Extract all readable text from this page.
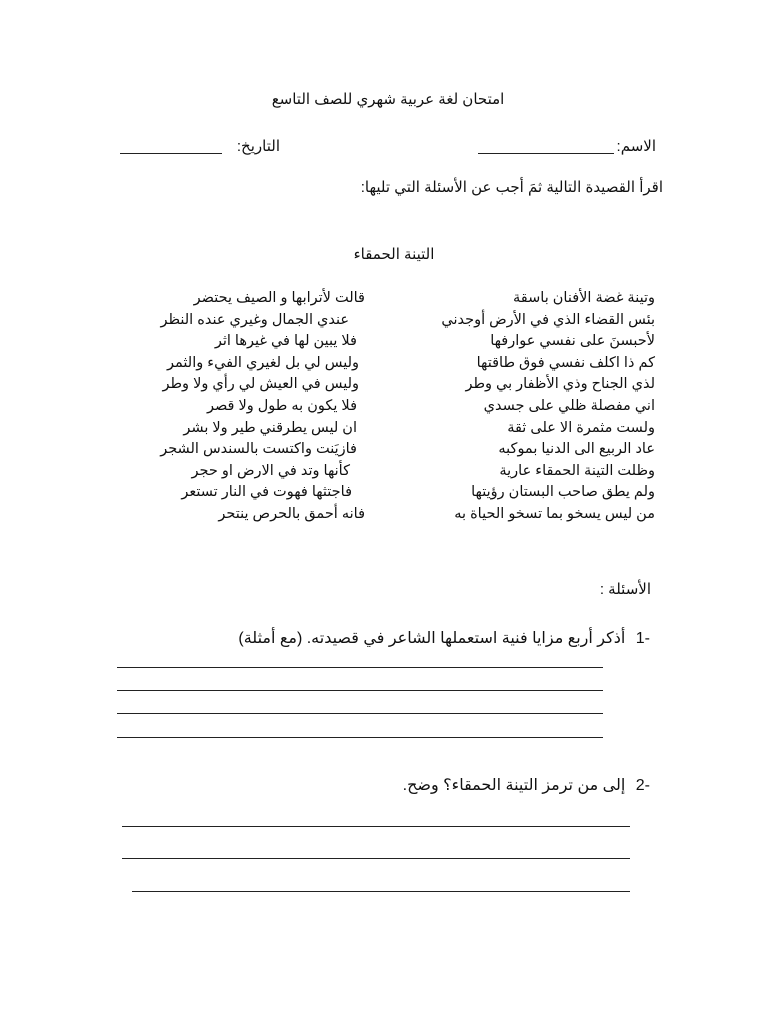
امتحان لغة عربية شهري للصف التاسع
الاسم:
التاريخ:
اقرأ القصيدة التالية ثمَ أجب عن الأسئلة التي تليها:
التينة الحمقاء
وتينة غضة الأفنان باسقة
قالت لأترابها و الصيف يحتضر
بئس القضاء الذي في الأرض أوجدني
عندي الجمال وغيري عنده النظر
لأحبسنَ على نفسي عوارفها
فلا يبين لها في غيرها اثر
كم ذا اكلف نفسي فوق طاقتها
وليس لي بل لغيري الفيء والثمر
لذي الجناح وذي الأظفار بي وطر
وليس في العيش لي رأي ولا وطر
اني مفصلة ظلي على جسدي
فلا يكون به طول ولا قصر
ولست مثمرة الا على ثقة
ان ليس يطرقني طير ولا بشر
عاد الربيع الى الدنيا بموكبه
فازيَنت واكتست بالسندس الشجر
وظلت التينة الحمقاء عارية
كأنها وتد في الارض او حجر
ولم يطق صاحب البستان رؤيتها
فاجتثها فهوت في النار تستعر
من ليس يسخو بما تسخو الحياة به
فانه أحمق بالحرص ينتحر
الأسئلة :
-1 أذكر أربع مزايا فنية استعملها الشاعر في قصيدته. (مع أمثلة)
-2 إلى من ترمز التينة الحمقاء؟ وضح.
